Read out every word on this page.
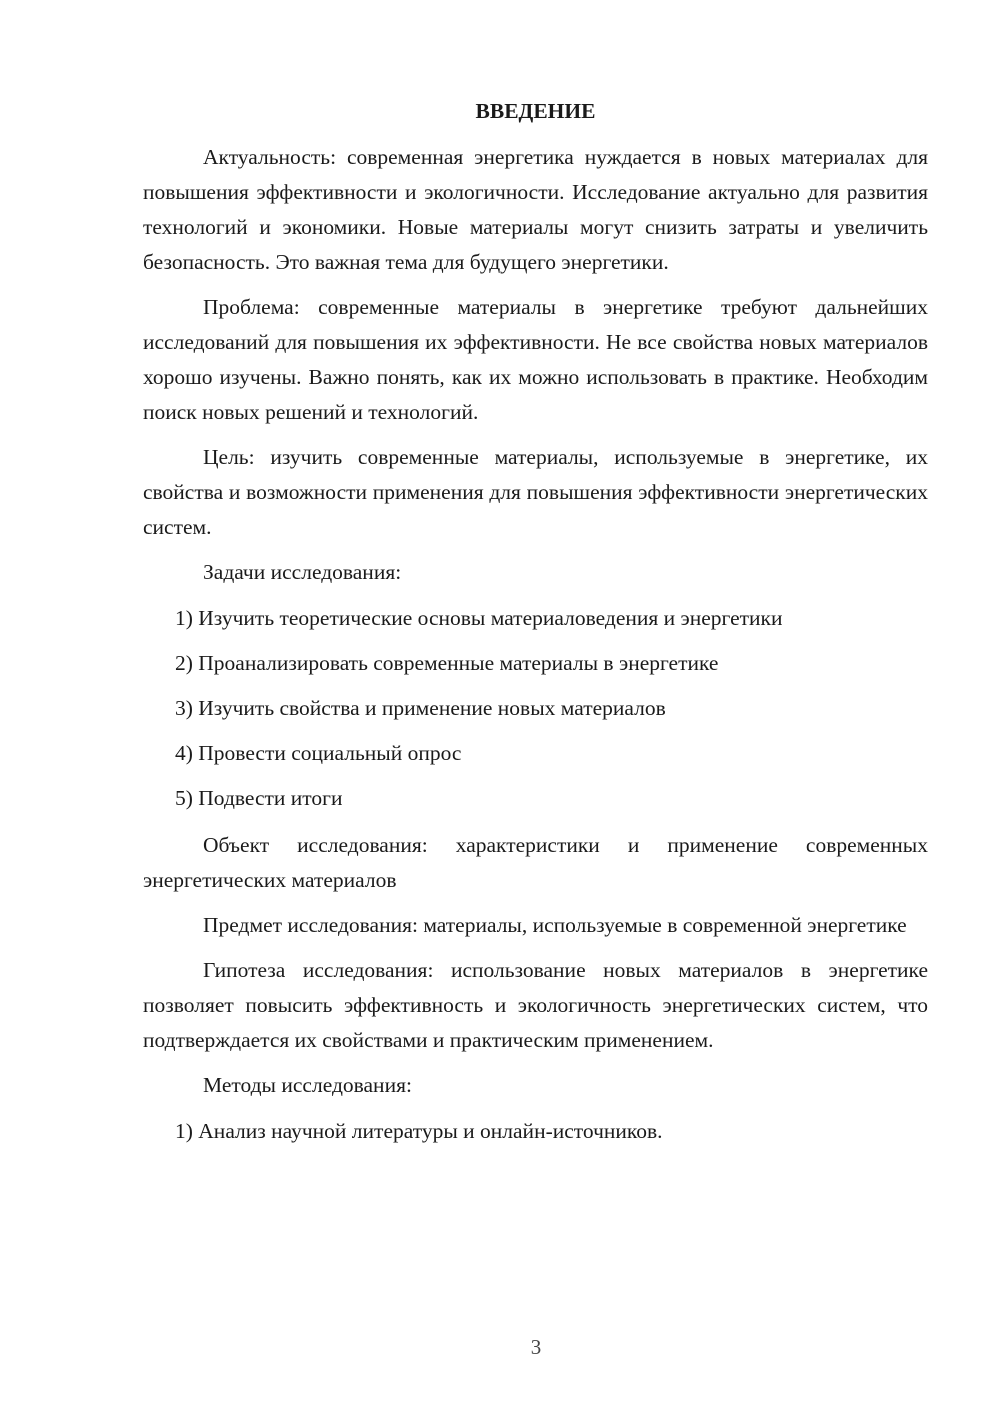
ВВЕДЕНИЕ

Актуальность: современная энергетика нуждается в новых материалах для повышения эффективности и экологичности. Исследование актуально для развития технологий и экономики. Новые материалы могут снизить затраты и увеличить безопасность. Это важная тема для будущего энергетики.

Проблема: современные материалы в энергетике требуют дальнейших исследований для повышения их эффективности. Не все свойства новых материалов хорошо изучены. Важно понять, как их можно использовать в практике. Необходим поиск новых решений и технологий.

Цель: изучить современные материалы, используемые в энергетике, их свойства и возможности применения для повышения эффективности энергетических систем.

Задачи исследования:

1) Изучить теоретические основы материаловедения и энергетики
2) Проанализировать современные материалы в энергетике
3) Изучить свойства и применение новых материалов
4) Провести социальный опрос
5) Подвести итоги

Объект исследования: характеристики и применение современных энергетических материалов

Предмет исследования: материалы, используемые в современной энергетике

Гипотеза исследования: использование новых материалов в энергетике позволяет повысить эффективность и экологичность энергетических систем, что подтверждается их свойствами и практическим применением.

Методы исследования:

1) Анализ научной литературы и онлайн-источников.
3
